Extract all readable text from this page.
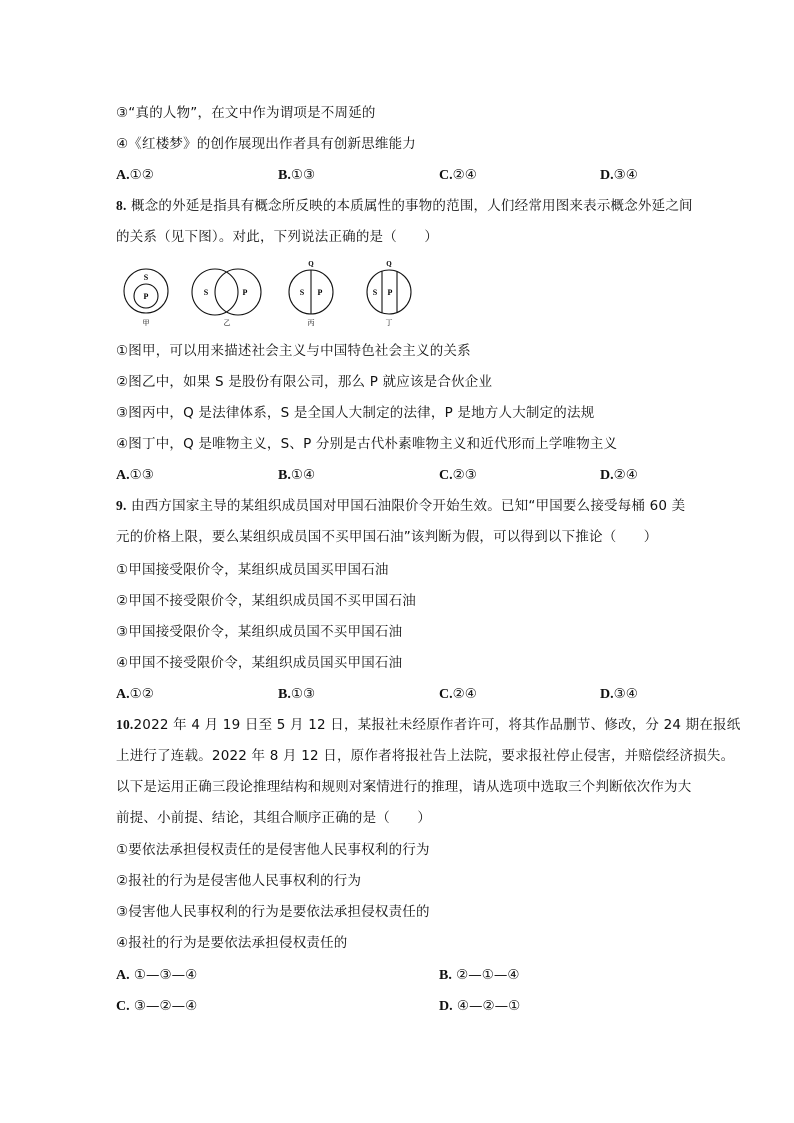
③“真的人物”，在文中作为谓项是不周延的
④《红楼梦》的创作展现出作者具有创新思维能力
A.①②	B.①③	C.②④	D.③④
8. 概念的外延是指具有概念所反映的本质属性的事物的范围，人们经常用图来表示概念外延之间
的关系（见下图）。对此，下列说法正确的是（　　）
S
P
甲
S	P
乙
Q
S P
丙
Q
S P
丁
①图甲，可以用来描述社会主义与中国特色社会主义的关系
②图乙中，如果 S 是股份有限公司，那么 P 就应该是合伙企业
③图丙中，Q 是法律体系，S 是全国人大制定的法律，P 是地方人大制定的法规
④图丁中，Q 是唯物主义，S、P 分别是古代朴素唯物主义和近代形而上学唯物主义
A.①③	B.①④	C.②③	D.②④
9. 由西方国家主导的某组织成员国对甲国石油限价令开始生效。已知“甲国要么接受每桶 60 美
元的价格上限，要么某组织成员国不买甲国石油”该判断为假，可以得到以下推论（　　）
①甲国接受限价令，某组织成员国买甲国石油
②甲国不接受限价令，某组织成员国不买甲国石油
③甲国接受限价令，某组织成员国不买甲国石油
④甲国不接受限价令，某组织成员国买甲国石油
A.①②	B.①③	C.②④	D.③④
10.2022 年 4 月 19 日至 5 月 12 日，某报社未经原作者许可，将其作品删节、修改，分 24 期在报纸
上进行了连载。2022 年 8 月 12 日，原作者将报社告上法院，要求报社停止侵害，并赔偿经济损失。
以下是运用正确三段论推理结构和规则对案情进行的推理，请从选项中选取三个判断依次作为大
前提、小前提、结论，其组合顺序正确的是（　　）
①要依法承担侵权责任的是侵害他人民事权利的行为
②报社的行为是侵害他人民事权利的行为
③侵害他人民事权利的行为是要依法承担侵权责任的
④报社的行为是要依法承担侵权责任的
A. ①—③—④	B. ②—①—④
C. ③—②—④	D. ④—②—①
